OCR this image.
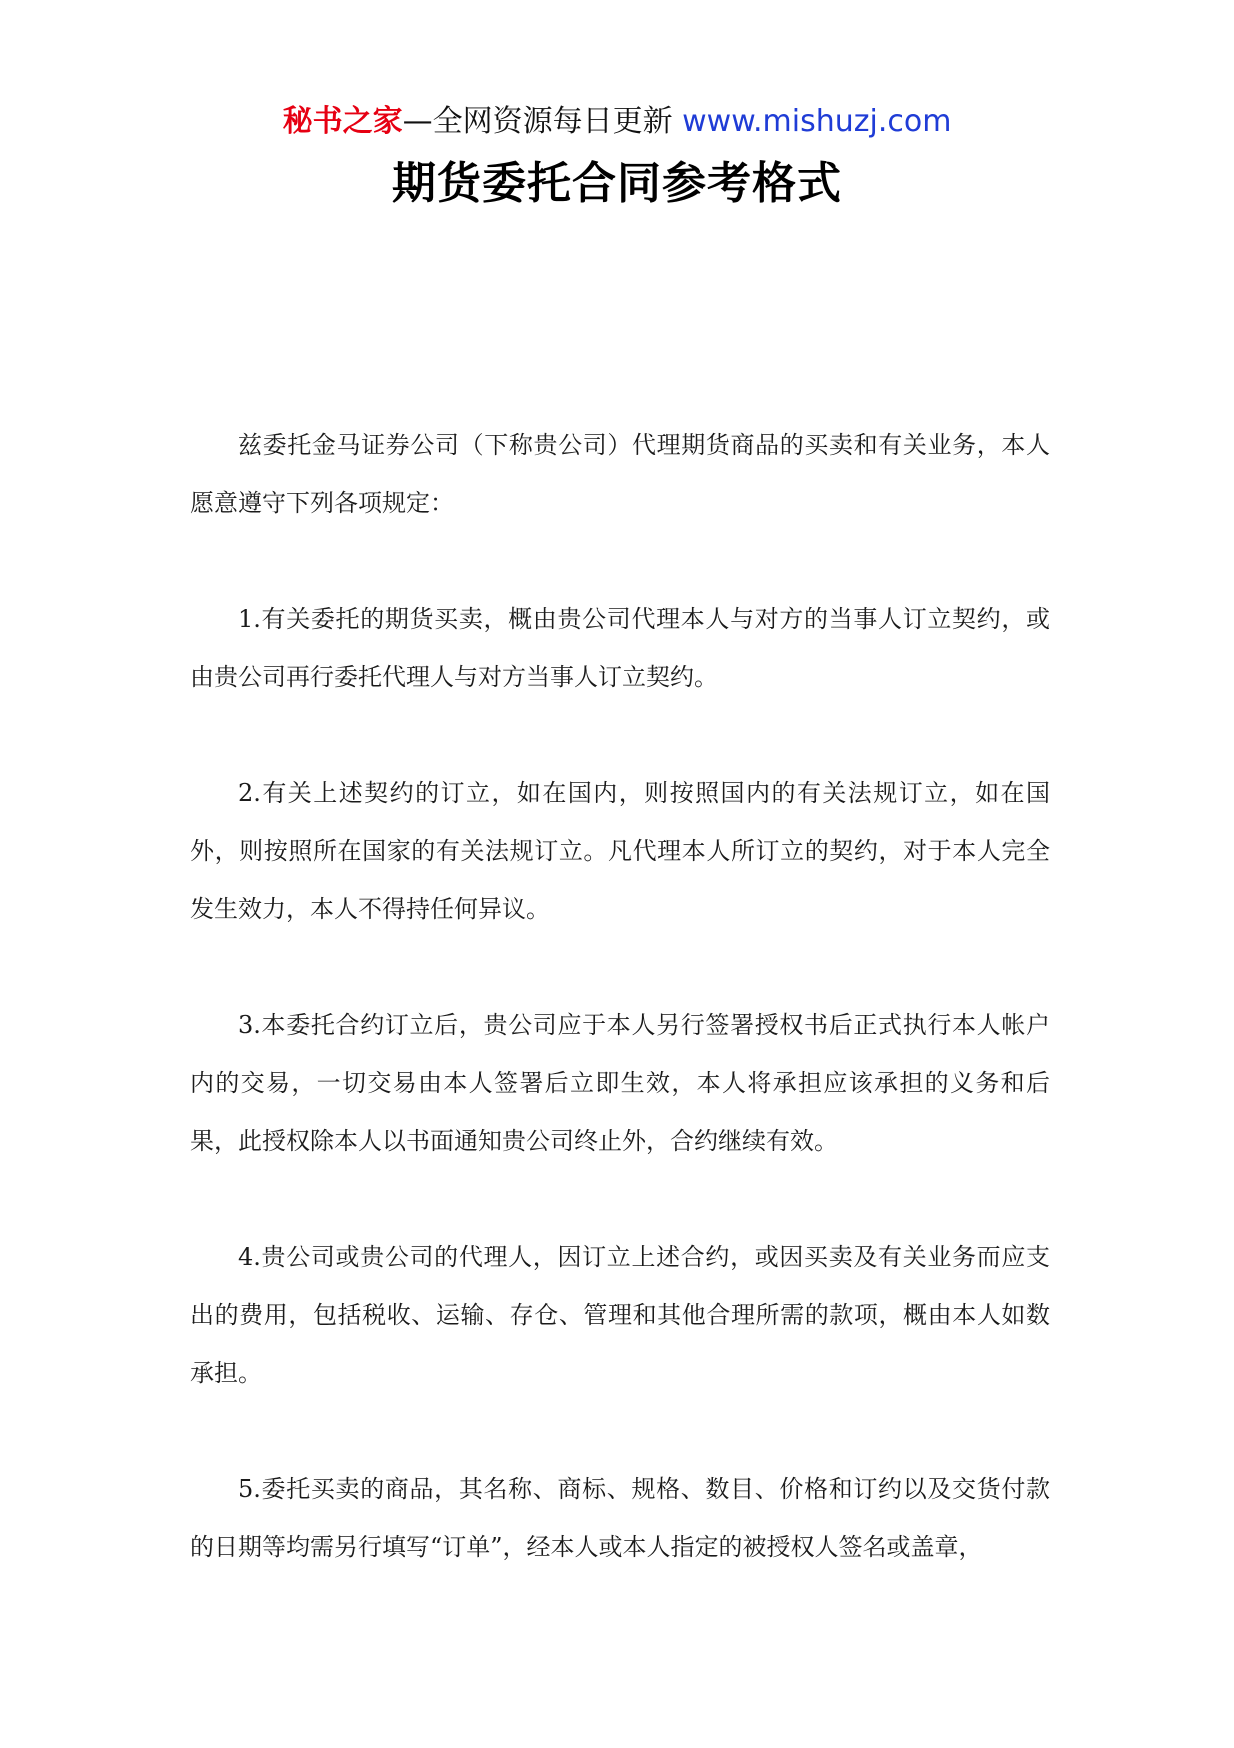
秘书之家—全网资源每日更新 www.mishuzj.com
期货委托合同参考格式

兹委托金马证券公司（下称贵公司）代理期货商品的买卖和有关业务，本人愿意遵守下列各项规定：

1.有关委托的期货买卖，概由贵公司代理本人与对方的当事人订立契约，或由贵公司再行委托代理人与对方当事人订立契约。

2.有关上述契约的订立，如在国内，则按照国内的有关法规订立，如在国外，则按照所在国家的有关法规订立。凡代理本人所订立的契约，对于本人完全发生效力，本人不得持任何异议。

3.本委托合约订立后，贵公司应于本人另行签署授权书后正式执行本人帐户内的交易，一切交易由本人签署后立即生效，本人将承担应该承担的义务和后果，此授权除本人以书面通知贵公司终止外，合约继续有效。

4.贵公司或贵公司的代理人，因订立上述合约，或因买卖及有关业务而应支出的费用，包括税收、运输、存仓、管理和其他合理所需的款项，概由本人如数承担。

5.委托买卖的商品，其名称、商标、规格、数目、价格和订约以及交货付款的日期等均需另行填写“订单”，经本人或本人指定的被授权人签名或盖章，
